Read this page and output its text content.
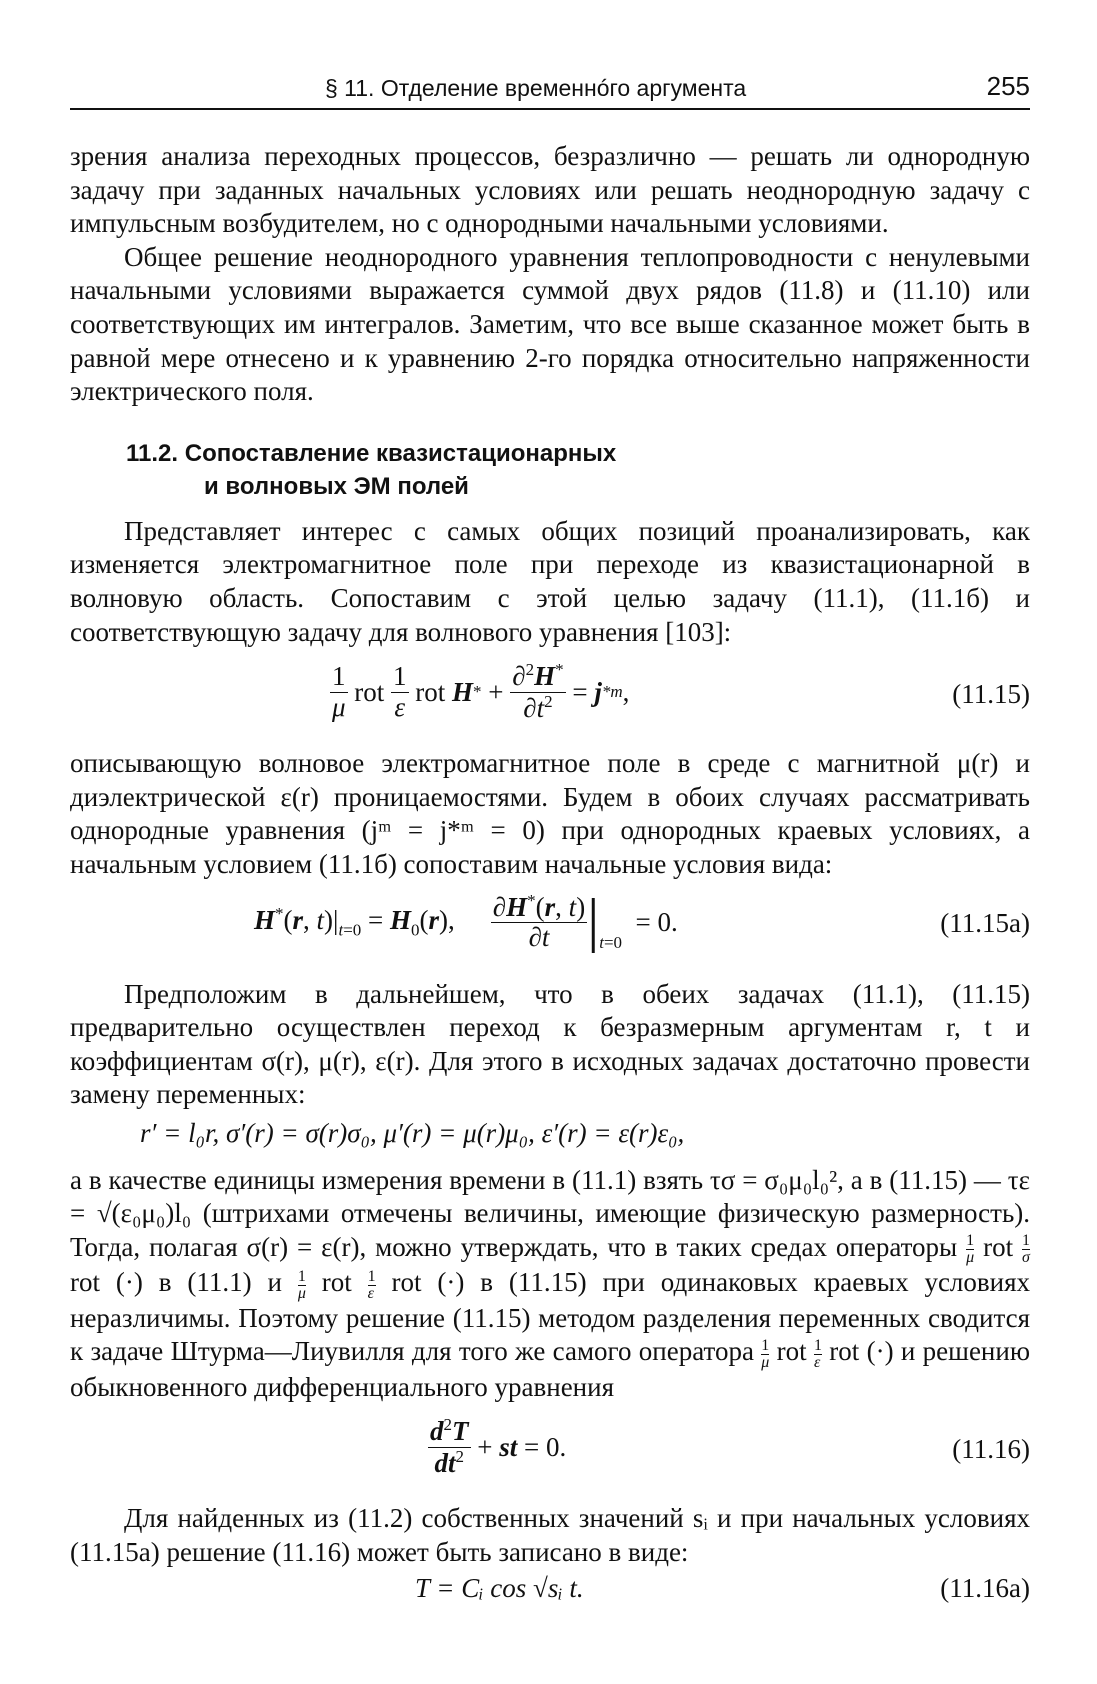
§ 11. Отделение временнóго аргумента	255

зрения анализа переходных процессов, безразлично — решать ли однородную задачу при заданных начальных условиях или решать неоднородную задачу с импульсным возбудителем, но с однородными начальными условиями.

Общее решение неоднородного уравнения теплопроводности с ненулевыми начальными условиями выражается суммой двух рядов (11.8) и (11.10) или соответствующих им интегралов. Заметим, что все выше сказанное может быть в равной мере отнесено и к уравнению 2-го порядка относительно напряженности электрического поля.

11.2. Сопоставление квазистационарных
и волновых ЭМ полей

Представляет интерес с самых общих позиций проанализировать, как изменяется электромагнитное поле при переходе из квазистационарной в волновую область. Сопоставим с этой целью задачу (11.1), (11.1б) и соответствующую задачу для волнового уравнения [103]:

$\frac{1}{\mu}$ rot $\frac{1}{\varepsilon}$ rot H * + $\frac{\partial^2H^*}{\partial t^2} = j$ *m ,	(11.15)

описывающую волновое электромагнитное поле в среде с магнитной μ(r) и диэлектрической ε(r) проницаемостями. Будем в обоих случаях рассматривать однородные уравнения (jᵐ = j*ᵐ = 0) при однородных краевых условиях, а начальным условием (11.1б) сопоставим начальные условия вида:

H*(r, $t)|_{t=0} = H_0(r)$, $\frac{\partial H^*(r, t)}{\partial t}$ | $_{t=0}$
= 0.	(11.15a)

Предположим в дальнейшем, что в обеих задачах (11.1), (11.15) предварительно осуществлен переход к безразмерным аргументам r, t и коэффициентам σ(r), μ(r), ε(r). Для этого в исходных задачах достаточно провести замену переменных:

r′ = l₀r, σ′(r) = σ(r)σ₀, μ′(r) = μ(r)μ₀, ε′(r) = ε(r)ε₀,

а в качестве единицы измерения времени в (11.1) взять τσ = σ₀μ₀l₀², а в (11.15) — τε = √(ε₀μ₀)l₀ (штрихами отмечены величины, имеющие физическую размерность). Тогда, полагая σ(r) = ε(r), можно утверждать, что в таких средах операторы $\frac{1}{\mu}$ rot $\frac{1}{\sigma}$
rot (·) в (11.1) и $\frac{1}{\mu}$ rot $\frac{1}{\varepsilon}$ rot (·) в (11.15) при одинаковых краевых условиях неразличимы. Поэтому решение (11.15) методом разделения переменных сводится к задаче Штурма—Лиувилля для того же самого оператора $\frac{1}{\mu}$ rot $\frac{1}{\varepsilon}$ rot (·) и решению обыкновенного дифференциального уравнения

$\frac{d^2T}{dt^2}$ + st = 0.	(11.16)

Для найденных из (11.2) собственных значений sᵢ и при начальных условиях (11.15а) решение (11.16) может быть записано в виде:

T = Cᵢ cos √sᵢ t.	(11.16a)
